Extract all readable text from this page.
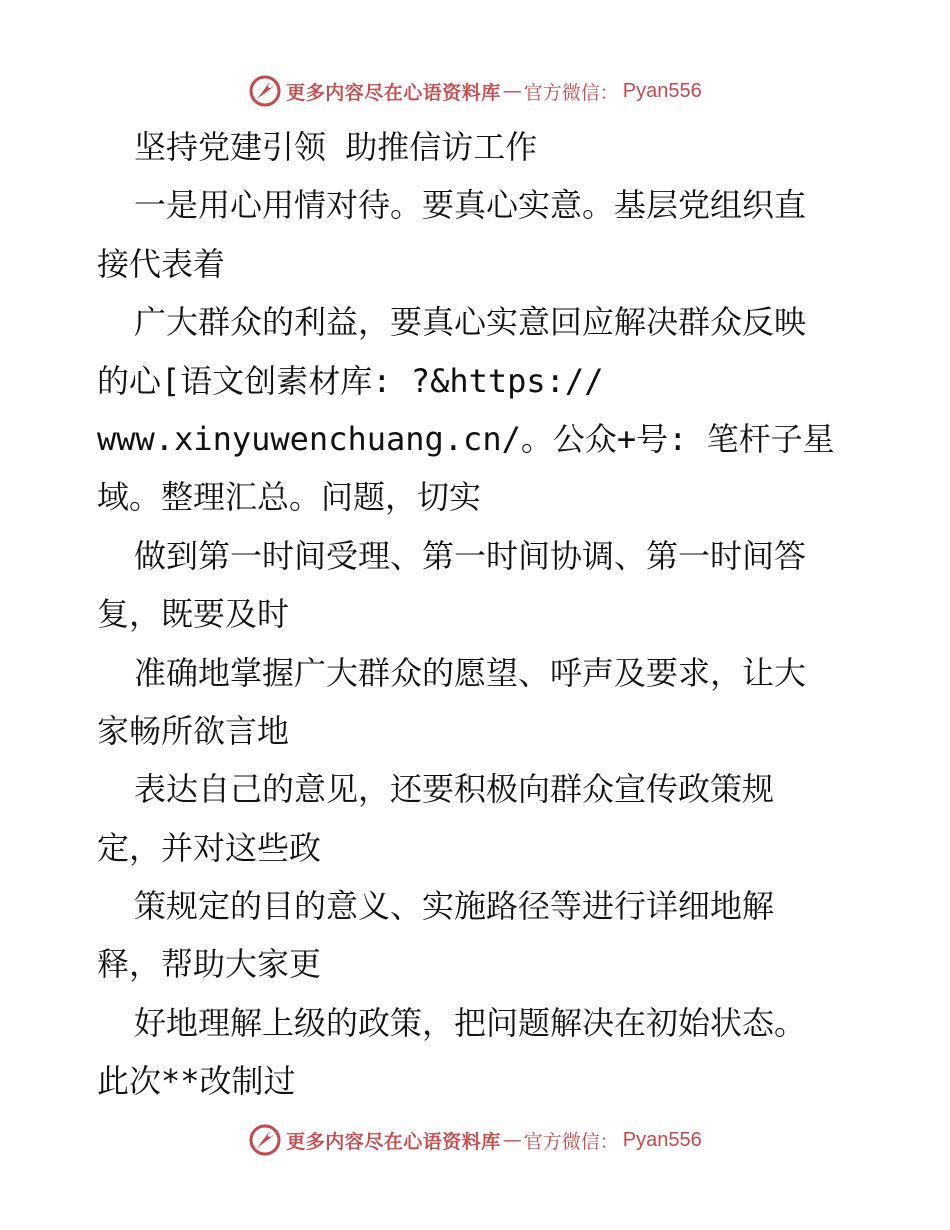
更多内容尽在心语资料库 — 官方微信： Pyan556
坚持党建引领 助推信访工作
一是用心用情对待。要真心实意。基层党组织直
接代表着
广大群众的利益，要真心实意回应解决群众反映
的心[语文创素材库: ?&https://
www.xinyuwenchuang.cn/。公众+号: 笔杆子星
域。整理汇总。问题，切实
做到第一时间受理、第一时间协调、第一时间答
复，既要及时
准确地掌握广大群众的愿望、呼声及要求，让大
家畅所欲言地
表达自己的意见，还要积极向群众宣传政策规
定，并对这些政
策规定的目的意义、实施路径等进行详细地解
释，帮助大家更
好地理解上级的政策，把问题解决在初始状态。
此次**改制过
更多内容尽在心语资料库 — 官方微信： Pyan556
